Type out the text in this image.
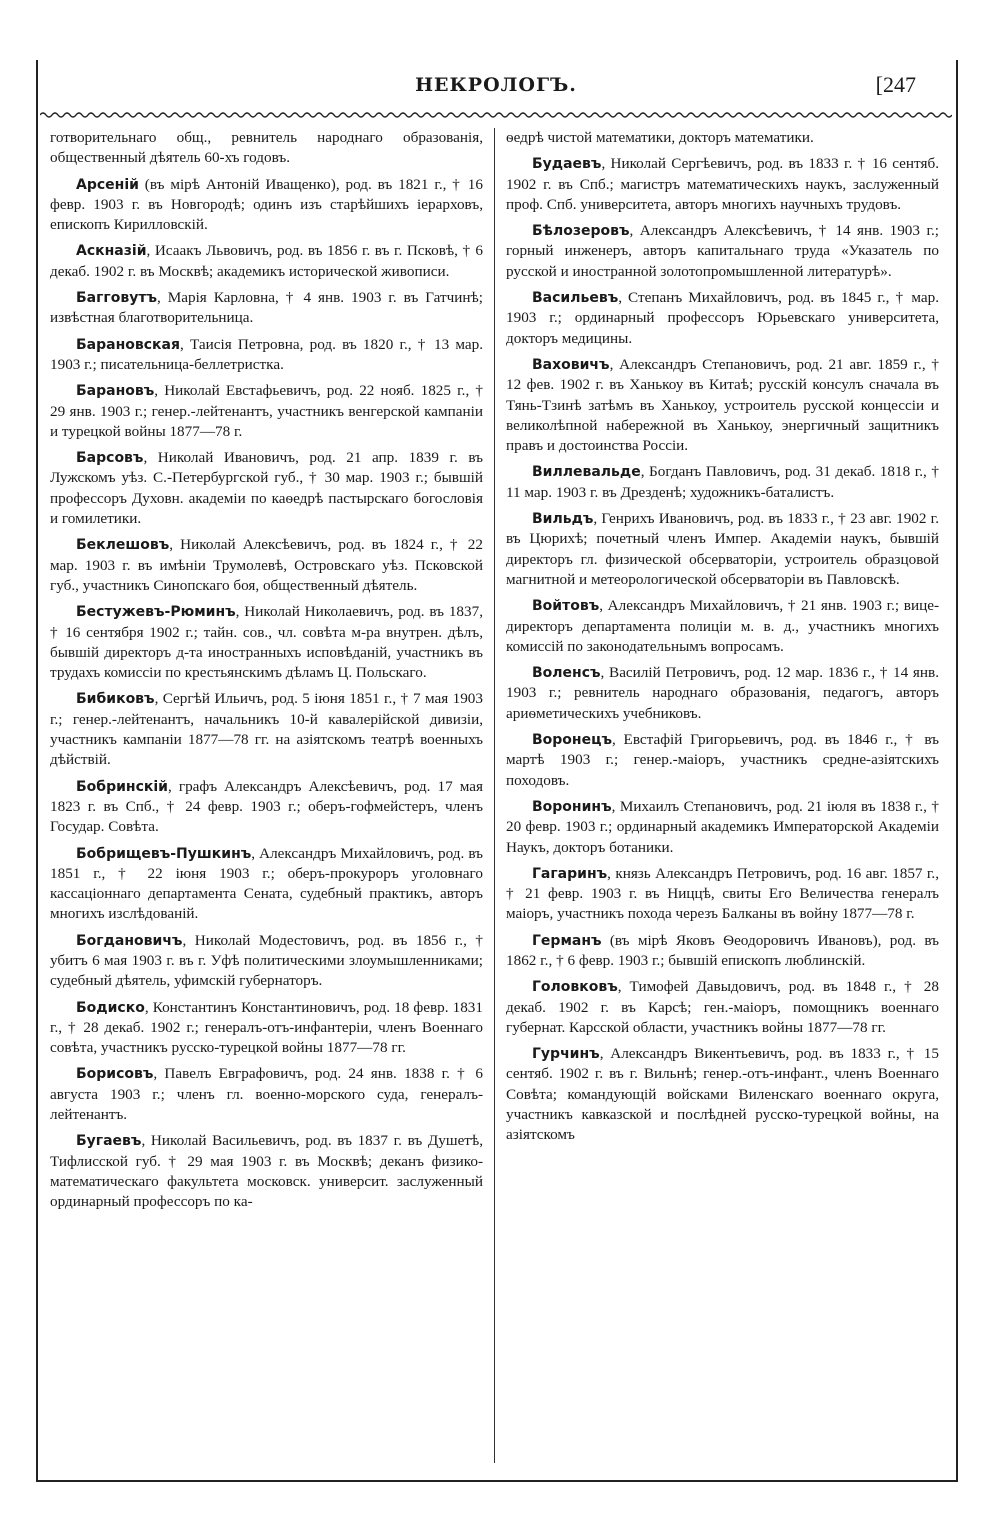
НЕКРОЛОГЪ.	[247

готворительнаго общ., ревнитель народнаго образованія, общественный дѣятель 60-хъ годовъ.

Арсеній (въ мірѣ Антоній Иващенко), род. въ 1821 г., † 16 февр. 1903 г. въ Новгородѣ; одинъ изъ старѣйшихъ іерарховъ, епископъ Кирилловскій.

Аскназій, Исаакъ Львовичъ, род. въ 1856 г. въ г. Псковѣ, † 6 декаб. 1902 г. въ Москвѣ; академикъ исторической живописи.

Багговутъ, Марія Карловна, † 4 янв. 1903 г. въ Гатчинѣ; извѣстная благотворительница.

Барановская, Таисія Петровна, род. въ 1820 г., † 13 мар. 1903 г.; писательница-беллетристка.

Барановъ, Николай Евстафьевичъ, род. 22 нояб. 1825 г., † 29 янв. 1903 г.; генер.-лейтенантъ, участникъ венгерской кампаніи и турецкой войны 1877—78 г.

Барсовъ, Николай Ивановичъ, род. 21 апр. 1839 г. въ Лужскомъ уѣз. С.-Петербургской губ., † 30 мар. 1903 г.; бывшій профессоръ Духовн. академіи по каѳедрѣ пастырскаго богословія и гомилетики.

Беклешовъ, Николай Алексѣевичъ, род. въ 1824 г., † 22 мар. 1903 г. въ имѣніи Трумолевѣ, Островскаго уѣз. Псковской губ., участникъ Синопскаго боя, общественный дѣятель.

Бестужевъ-Рюминъ, Николай Николаевичъ, род. въ 1837, † 16 сентября 1902 г.; тайн. сов., чл. совѣта м-ра внутрен. дѣлъ, бывшій директоръ д-та иностранныхъ исповѣданій, участникъ въ трудахъ комиссіи по крестьянскимъ дѣламъ Ц. Польскаго.

Бибиковъ, Сергѣй Ильичъ, род. 5 іюня 1851 г., † 7 мая 1903 г.; генер.-лейтенантъ, начальникъ 10-й кавалерійской дивизіи, участникъ кампаніи 1877—78 гг. на азіятскомъ театрѣ военныхъ дѣйствій.

Бобринскій, графъ Александръ Алексѣевичъ, род. 17 мая 1823 г. въ Спб., † 24 февр. 1903 г.; оберъ-гофмейстеръ, членъ Государ. Совѣта.

Бобрищевъ-Пушкинъ, Александръ Михайловичъ, род. въ 1851 г., † 22 іюня 1903 г.; оберъ-прокуроръ уголовнаго кассаціоннаго департамента Сената, судебный практикъ, авторъ многихъ изслѣдованій.

Богдановичъ, Николай Модестовичъ, род. въ 1856 г., † убитъ 6 мая 1903 г. въ г. Уфѣ политическими злоумышленниками; судебный дѣятель, уфимскій губернаторъ.

Бодиско, Константинъ Константиновичъ, род. 18 февр. 1831 г., † 28 декаб. 1902 г.; генералъ-отъ-инфантеріи, членъ Военнаго совѣта, участникъ русско-турецкой войны 1877—78 гг.

Борисовъ, Павелъ Евграфовичъ, род. 24 янв. 1838 г. † 6 августа 1903 г.; членъ гл. военно-морского суда, генералъ-лейтенантъ.

Бугаевъ, Николай Васильевичъ, род. въ 1837 г. въ Душетѣ, Тифлисской губ. † 29 мая 1903 г. въ Москвѣ; деканъ физико-математическаго факультета московск. университ. заслуженный ординарный профессоръ по ка-

ѳедрѣ чистой математики, докторъ математики.

Будаевъ, Николай Сергѣевичъ, род. въ 1833 г. † 16 сентяб. 1902 г. въ Спб.; магистръ математическихъ наукъ, заслуженный проф. Спб. университета, авторъ многихъ научныхъ трудовъ.

Бѣлозеровъ, Александръ Алексѣевичъ, † 14 янв. 1903 г.; горный инженеръ, авторъ капитальнаго труда «Указатель по русской и иностранной золотопромышленной литературѣ».

Васильевъ, Степанъ Михайловичъ, род. въ 1845 г., † мар. 1903 г.; ординарный профессоръ Юрьевскаго университета, докторъ медицины.

Ваховичъ, Александръ Степановичъ, род. 21 авг. 1859 г., † 12 фев. 1902 г. въ Ханькоу въ Китаѣ; русскій консулъ сначала въ Тянь-Тзинѣ затѣмъ въ Ханькоу, устроитель русской концессіи и великолѣпной набережной въ Ханькоу, энергичный защитникъ правъ и достоинства Россіи.

Виллевальде, Богданъ Павловичъ, род. 31 декаб. 1818 г., † 11 мар. 1903 г. въ Дрезденѣ; художникъ-баталистъ.

Вильдъ, Генрихъ Ивановичъ, род. въ 1833 г., † 23 авг. 1902 г. въ Цюрихѣ; почетный членъ Импер. Академіи наукъ, бывшій директоръ гл. физической обсерваторіи, устроитель образцовой магнитной и метеорологической обсерваторіи въ Павловскѣ.

Войтовъ, Александръ Михайловичъ, † 21 янв. 1903 г.; вице-директоръ департамента полиціи м. в. д., участникъ многихъ комиссій по законодательнымъ вопросамъ.

Воленсъ, Василій Петровичъ, род. 12 мар. 1836 г., † 14 янв. 1903 г.; ревнитель народнаго образованія, педагогъ, авторъ ариѳметическихъ учебниковъ.

Воронецъ, Евстафій Григорьевичъ, род. въ 1846 г., † въ мартѣ 1903 г.; генер.-маіоръ, участникъ средне-азіятскихъ походовъ.

Воронинъ, Михаилъ Степановичъ, род. 21 іюля въ 1838 г., † 20 февр. 1903 г.; ординарный академикъ Императорской Академіи Наукъ, докторъ ботаники.

Гагаринъ, князь Александръ Петровичъ, род. 16 авг. 1857 г., † 21 февр. 1903 г. въ Ниццѣ, свиты Его Величества генералъ маіоръ, участникъ похода черезъ Балканы въ войну 1877—78 г.

Германъ (въ мірѣ Яковъ Ѳеодоровичъ Ивановъ), род. въ 1862 г., † 6 февр. 1903 г.; бывшій епископъ люблинскій.

Головковъ, Тимофей Давыдовичъ, род. въ 1848 г., † 28 декаб. 1902 г. въ Карсѣ; ген.-маіоръ, помощникъ военнаго губернат. Карсской области, участникъ войны 1877—78 гг.

Гурчинъ, Александръ Викентьевичъ, род. въ 1833 г., † 15 сентяб. 1902 г. въ г. Вильнѣ; генер.-отъ-инфант., членъ Военнаго Совѣта; командующій войсками Виленскаго военнаго округа, участникъ кавказской и послѣдней русско-турецкой войны, на азіятскомъ
